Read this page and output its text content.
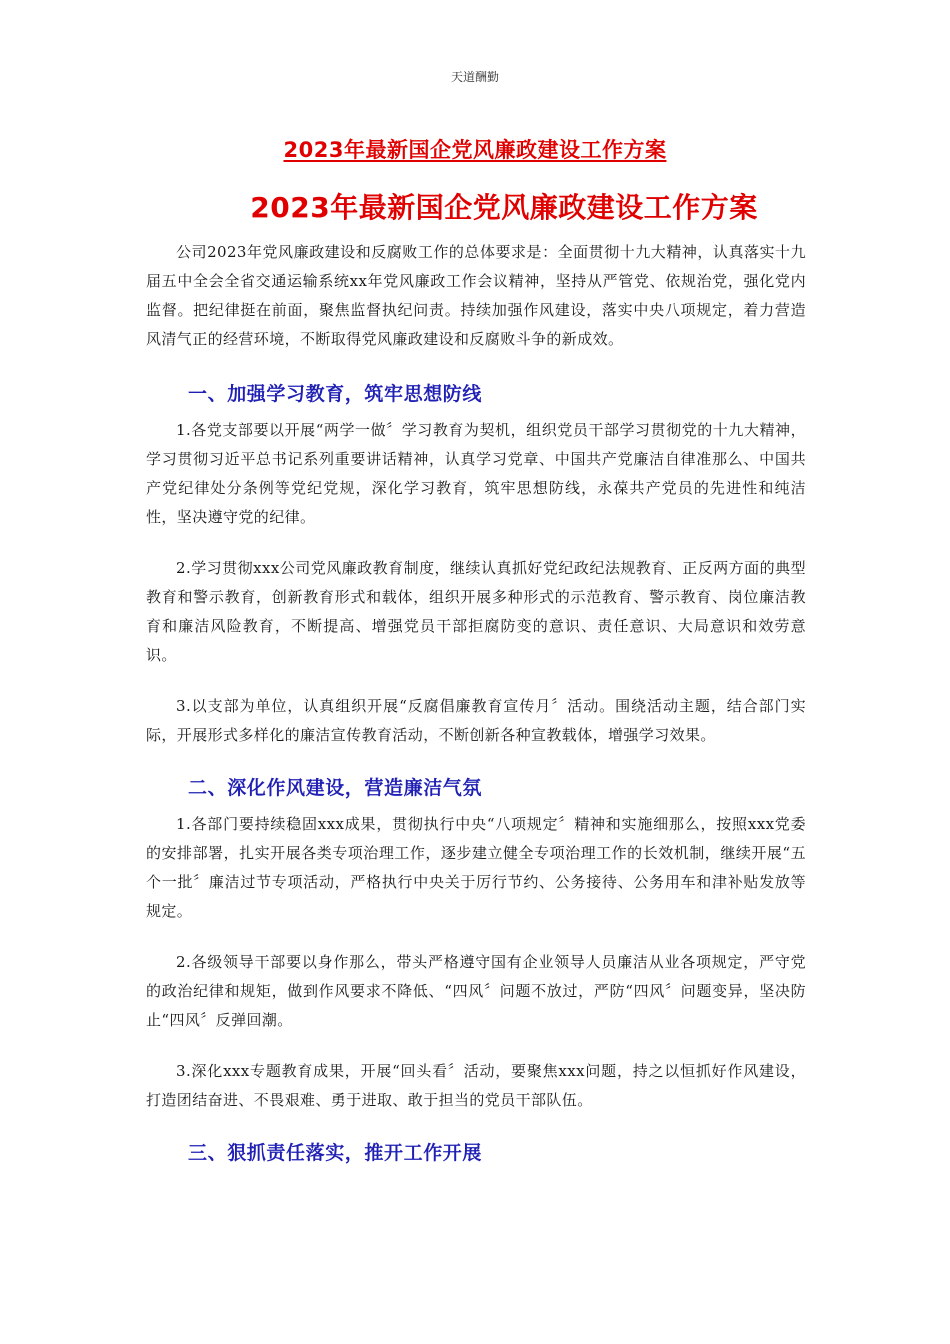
天道酬勤
2023年最新国企党风廉政建设工作方案
2023年最新国企党风廉政建设工作方案

公司2023年党风廉政建设和反腐败工作的总体要求是：全面贯彻十九大精神，认真落实十九届五中全会全省交通运输系统xx年党风廉政工作会议精神，坚持从严管党、依规治党，强化党内监督。把纪律挺在前面，聚焦监督执纪问责。持续加强作风建设，落实中央八项规定，着力营造风清气正的经营环境，不断取得党风廉政建设和反腐败斗争的新成效。

一、加强学习教育，筑牢思想防线

1.各党支部要以开展“两学一做〞学习教育为契机，组织党员干部学习贯彻党的十九大精神，学习贯彻习近平总书记系列重要讲话精神，认真学习党章、中国共产党廉洁自律准那么、中国共产党纪律处分条例等党纪党规，深化学习教育，筑牢思想防线，永葆共产党员的先进性和纯洁性，坚决遵守党的纪律。

2.学习贯彻xxx公司党风廉政教育制度，继续认真抓好党纪政纪法规教育、正反两方面的典型教育和警示教育，创新教育形式和载体，组织开展多种形式的示范教育、警示教育、岗位廉洁教育和廉洁风险教育，不断提高、增强党员干部拒腐防变的意识、责任意识、大局意识和效劳意识。

3.以支部为单位，认真组织开展“反腐倡廉教育宣传月〞活动。围绕活动主题，结合部门实际，开展形式多样化的廉洁宣传教育活动，不断创新各种宣教载体，增强学习效果。

二、深化作风建设，营造廉洁气氛

1.各部门要持续稳固xxx成果，贯彻执行中央“八项规定〞精神和实施细那么，按照xxx党委的安排部署，扎实开展各类专项治理工作，逐步建立健全专项治理工作的长效机制，继续开展“五个一批〞廉洁过节专项活动，严格执行中央关于厉行节约、公务接待、公务用车和津补贴发放等规定。

2.各级领导干部要以身作那么，带头严格遵守国有企业领导人员廉洁从业各项规定，严守党的政治纪律和规矩，做到作风要求不降低、“四风〞问题不放过，严防“四风〞问题变异，坚决防止“四风〞反弹回潮。

3.深化xxx专题教育成果，开展“回头看〞活动，要聚焦xxx问题，持之以恒抓好作风建设，打造团结奋进、不畏艰难、勇于进取、敢于担当的党员干部队伍。

三、狠抓责任落实，推开工作开展
